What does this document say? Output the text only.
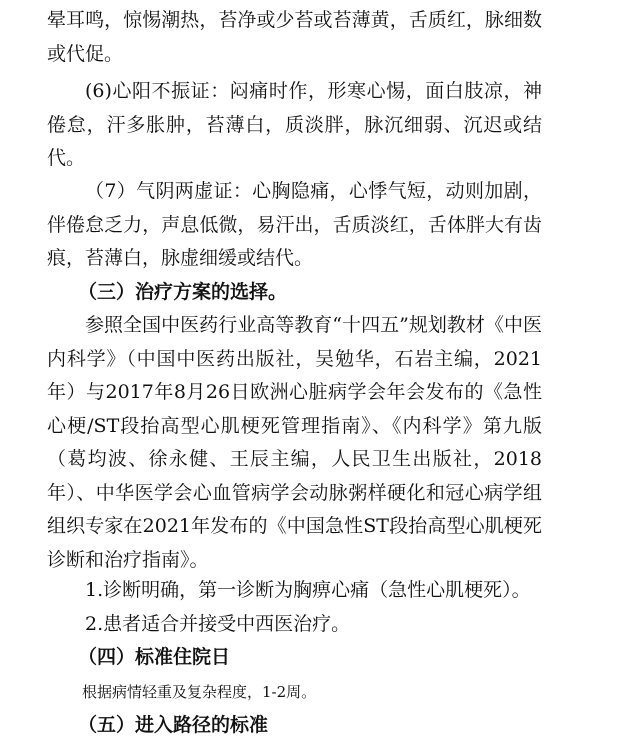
晕耳鸣，惊惕潮热，苔净或少苔或苔薄黄，舌质红，脉细数或代促。

(6)心阳不振证：闷痛时作，形寒心惕，面白肢凉，神倦怠，汗多胀肿，苔薄白，质淡胖，脉沉细弱、沉迟或结代。

（7）气阴两虚证：心胸隐痛，心悸气短，动则加剧，伴倦怠乏力，声息低微，易汗出，舌质淡红，舌体胖大有齿痕，苔薄白，脉虚细缓或结代。

（三）治疗方案的选择。

参照全国中医药行业高等教育“十四五”规划教材《中医内科学》（中国中医药出版社，吴勉华，石岩主编，2021年）与2017年8月26日欧洲心脏病学会年会发布的《急性心梗/ST段抬高型心肌梗死管理指南》、《内科学》第九版（葛均波、徐永健、王辰主编，人民卫生出版社，2018年）、中华医学会心血管病学会动脉粥样硬化和冠心病学组组织专家在2021年发布的《中国急性ST段抬高型心肌梗死诊断和治疗指南》。

1.诊断明确，第一诊断为胸痹心痛（急性心肌梗死）。

2.患者适合并接受中西医治疗。

（四）标准住院日

根据病情轻重及复杂程度，1-2周。

（五）进入路径的标准
